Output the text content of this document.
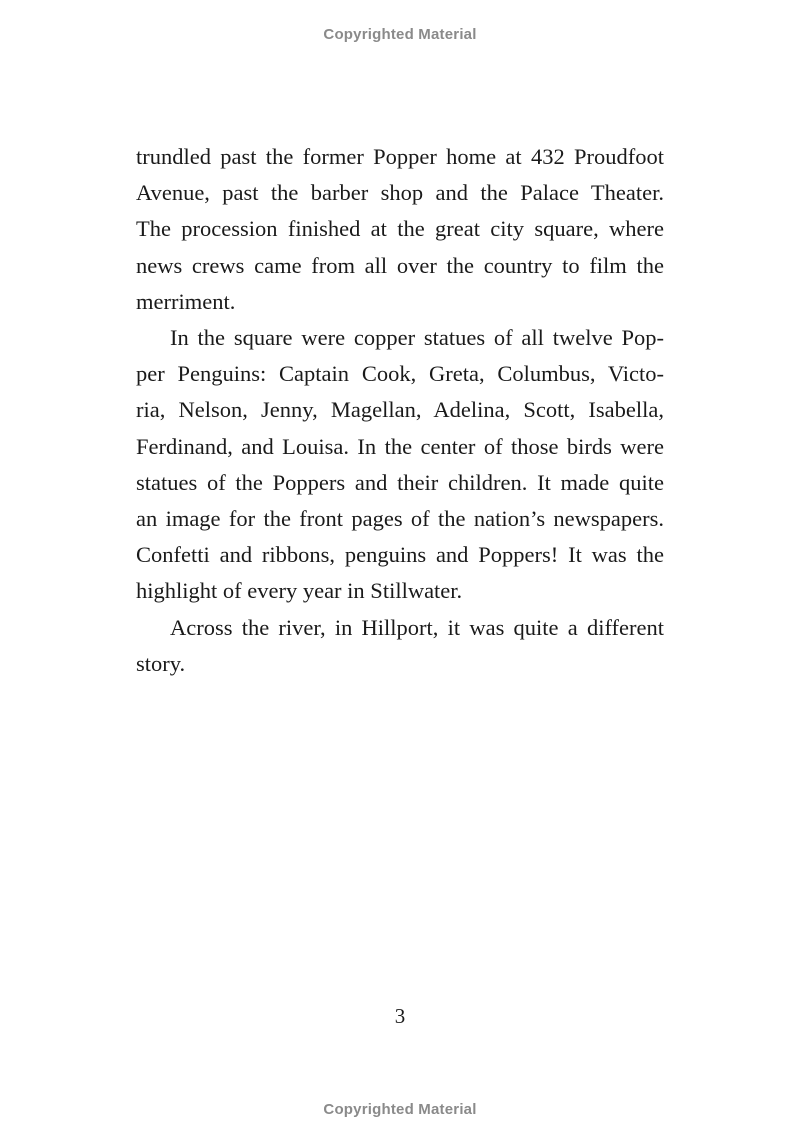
Copyrighted Material
trundled past the former Popper home at 432 Proudfoot
Avenue, past the barber shop and the Palace Theater.
The procession finished at the great city square, where
news crews came from all over the country to film the
merriment.
In the square were copper statues of all twelve Pop-
per Penguins: Captain Cook, Greta, Columbus, Victo-
ria, Nelson, Jenny, Magellan, Adelina, Scott, Isabella,
Ferdinand, and Louisa. In the center of those birds were
statues of the Poppers and their children. It made quite
an image for the front pages of the nation’s newspapers.
Confetti and ribbons, penguins and Poppers! It was the
highlight of every year in Stillwater.
Across the river, in Hillport, it was quite a different
story.
3
Copyrighted Material
